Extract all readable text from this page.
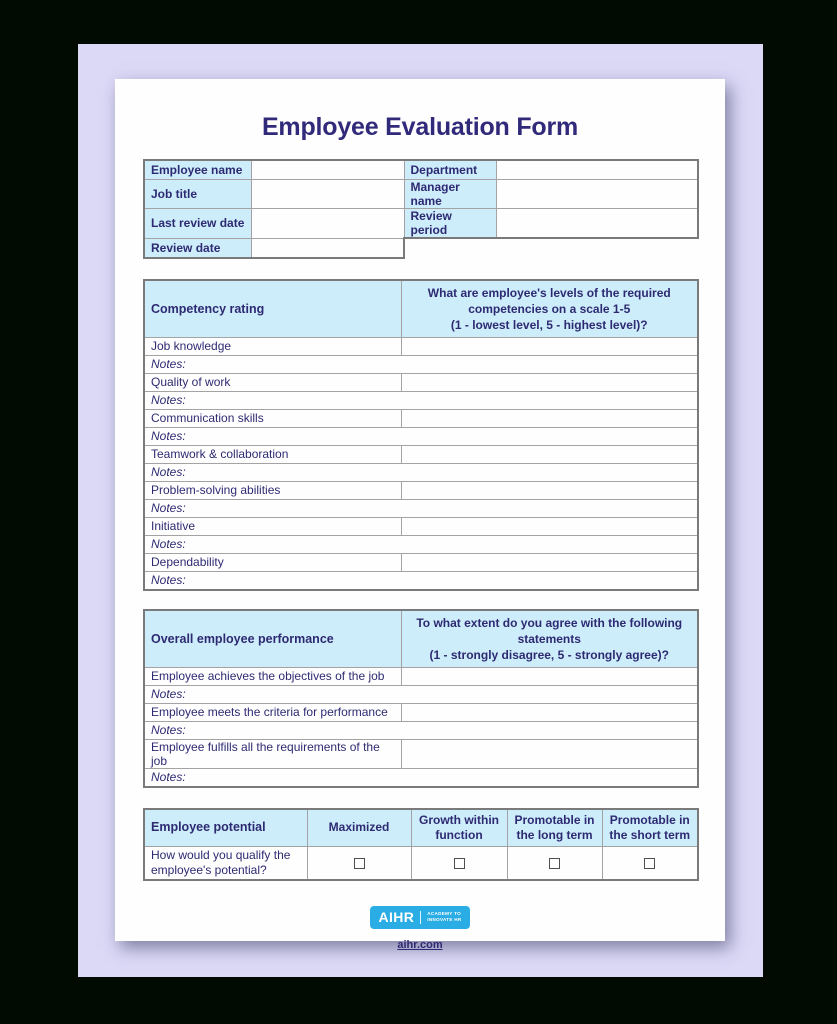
Employee Evaluation Form
Employee name		Department	
Job title		Manager name	
Last review date		Review period	
Review date			
Competency rating	What are employee's levels of the required competencies on a scale 1-5
(1 - lowest level, 5 - highest level)?

Job knowledge	
Notes:	
Quality of work	
Notes:	
Communication skills	
Notes:	
Teamwork & collaboration	
Notes:	
Problem-solving abilities	
Notes:	
Initiative	
Notes:	
Dependability	
Notes:	
Overall employee performance	To what extent do you agree with the following statements
(1 - strongly disagree, 5 - strongly agree)?

Employee achieves the objectives of the job	
Notes:	
Employee meets the criteria for performance	
Notes:	
Employee fulfills all the requirements of the job	
Notes:	
Employee potential	Maximized	Growth within function	Promotable in the long term	Promotable in the short term
How would you qualify the employee's potential?				
AIHR	ACADEMY TO
INNOVATE HR
aihr.com
